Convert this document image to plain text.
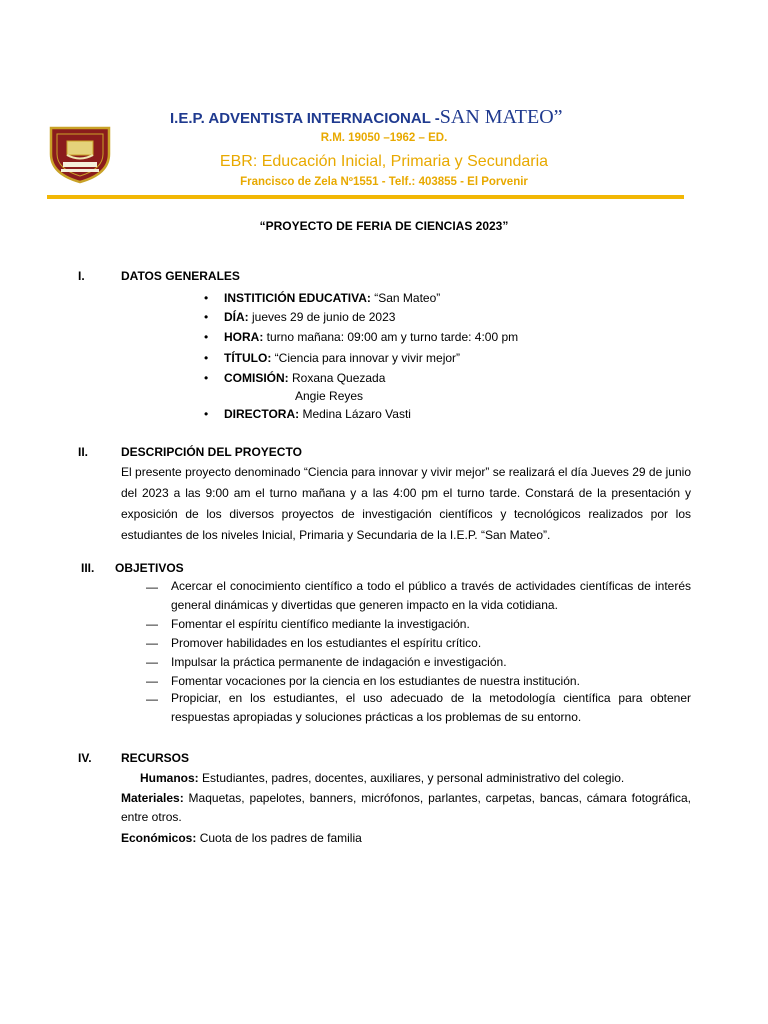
I.E.P. ADVENTISTA INTERNACIONAL -SAN MATEO”
R.M. 19050 –1962 – ED.
EBR: Educación Inicial, Primaria y Secundaria
Francisco de Zela Nº1551 - Telf.: 403855 - El Porvenir
“PROYECTO DE FERIA DE CIENCIAS 2023”
I.	DATOS GENERALES
• INSTITICIÓN EDUCATIVA: “San Mateo”
• DÍA: jueves 29 de junio de 2023
• HORA: turno mañana: 09:00 am y turno tarde: 4:00 pm
• TÍTULO: “Ciencia para innovar y vivir mejor”
• COMISIÓN: Roxana Quezada
Angie Reyes
• DIRECTORA: Medina Lázaro Vasti
II.	DESCRIPCIÓN DEL PROYECTO
El presente proyecto denominado “Ciencia para innovar y vivir mejor” se realizará el día Jueves 29 de junio del 2023 a las 9:00 am el turno mañana y a las 4:00 pm el turno tarde. Constará de la presentación y exposición de los diversos proyectos de investigación científicos y tecnológicos realizados por los estudiantes de los niveles Inicial, Primaria y Secundaria de la I.E.P. “San Mateo”.
III. OBJETIVOS
― Acercar el conocimiento científico a todo el público a través de actividades científicas de interés general dinámicas y divertidas que generen impacto en la vida cotidiana.
― Fomentar el espíritu científico mediante la investigación.
― Promover habilidades en los estudiantes el espíritu crítico.
― Impulsar la práctica permanente de indagación e investigación.
― Fomentar vocaciones por la ciencia en los estudiantes de nuestra institución.
― Propiciar, en los estudiantes, el uso adecuado de la metodología científica para obtener respuestas apropiadas y soluciones prácticas a los problemas de su entorno.
IV. RECURSOS
Humanos: Estudiantes, padres, docentes, auxiliares, y personal administrativo del colegio.
Materiales: Maquetas, papelotes, banners, micrófonos, parlantes, carpetas, bancas, cámara fotográfica, entre otros.
Económicos: Cuota de los padres de familia
